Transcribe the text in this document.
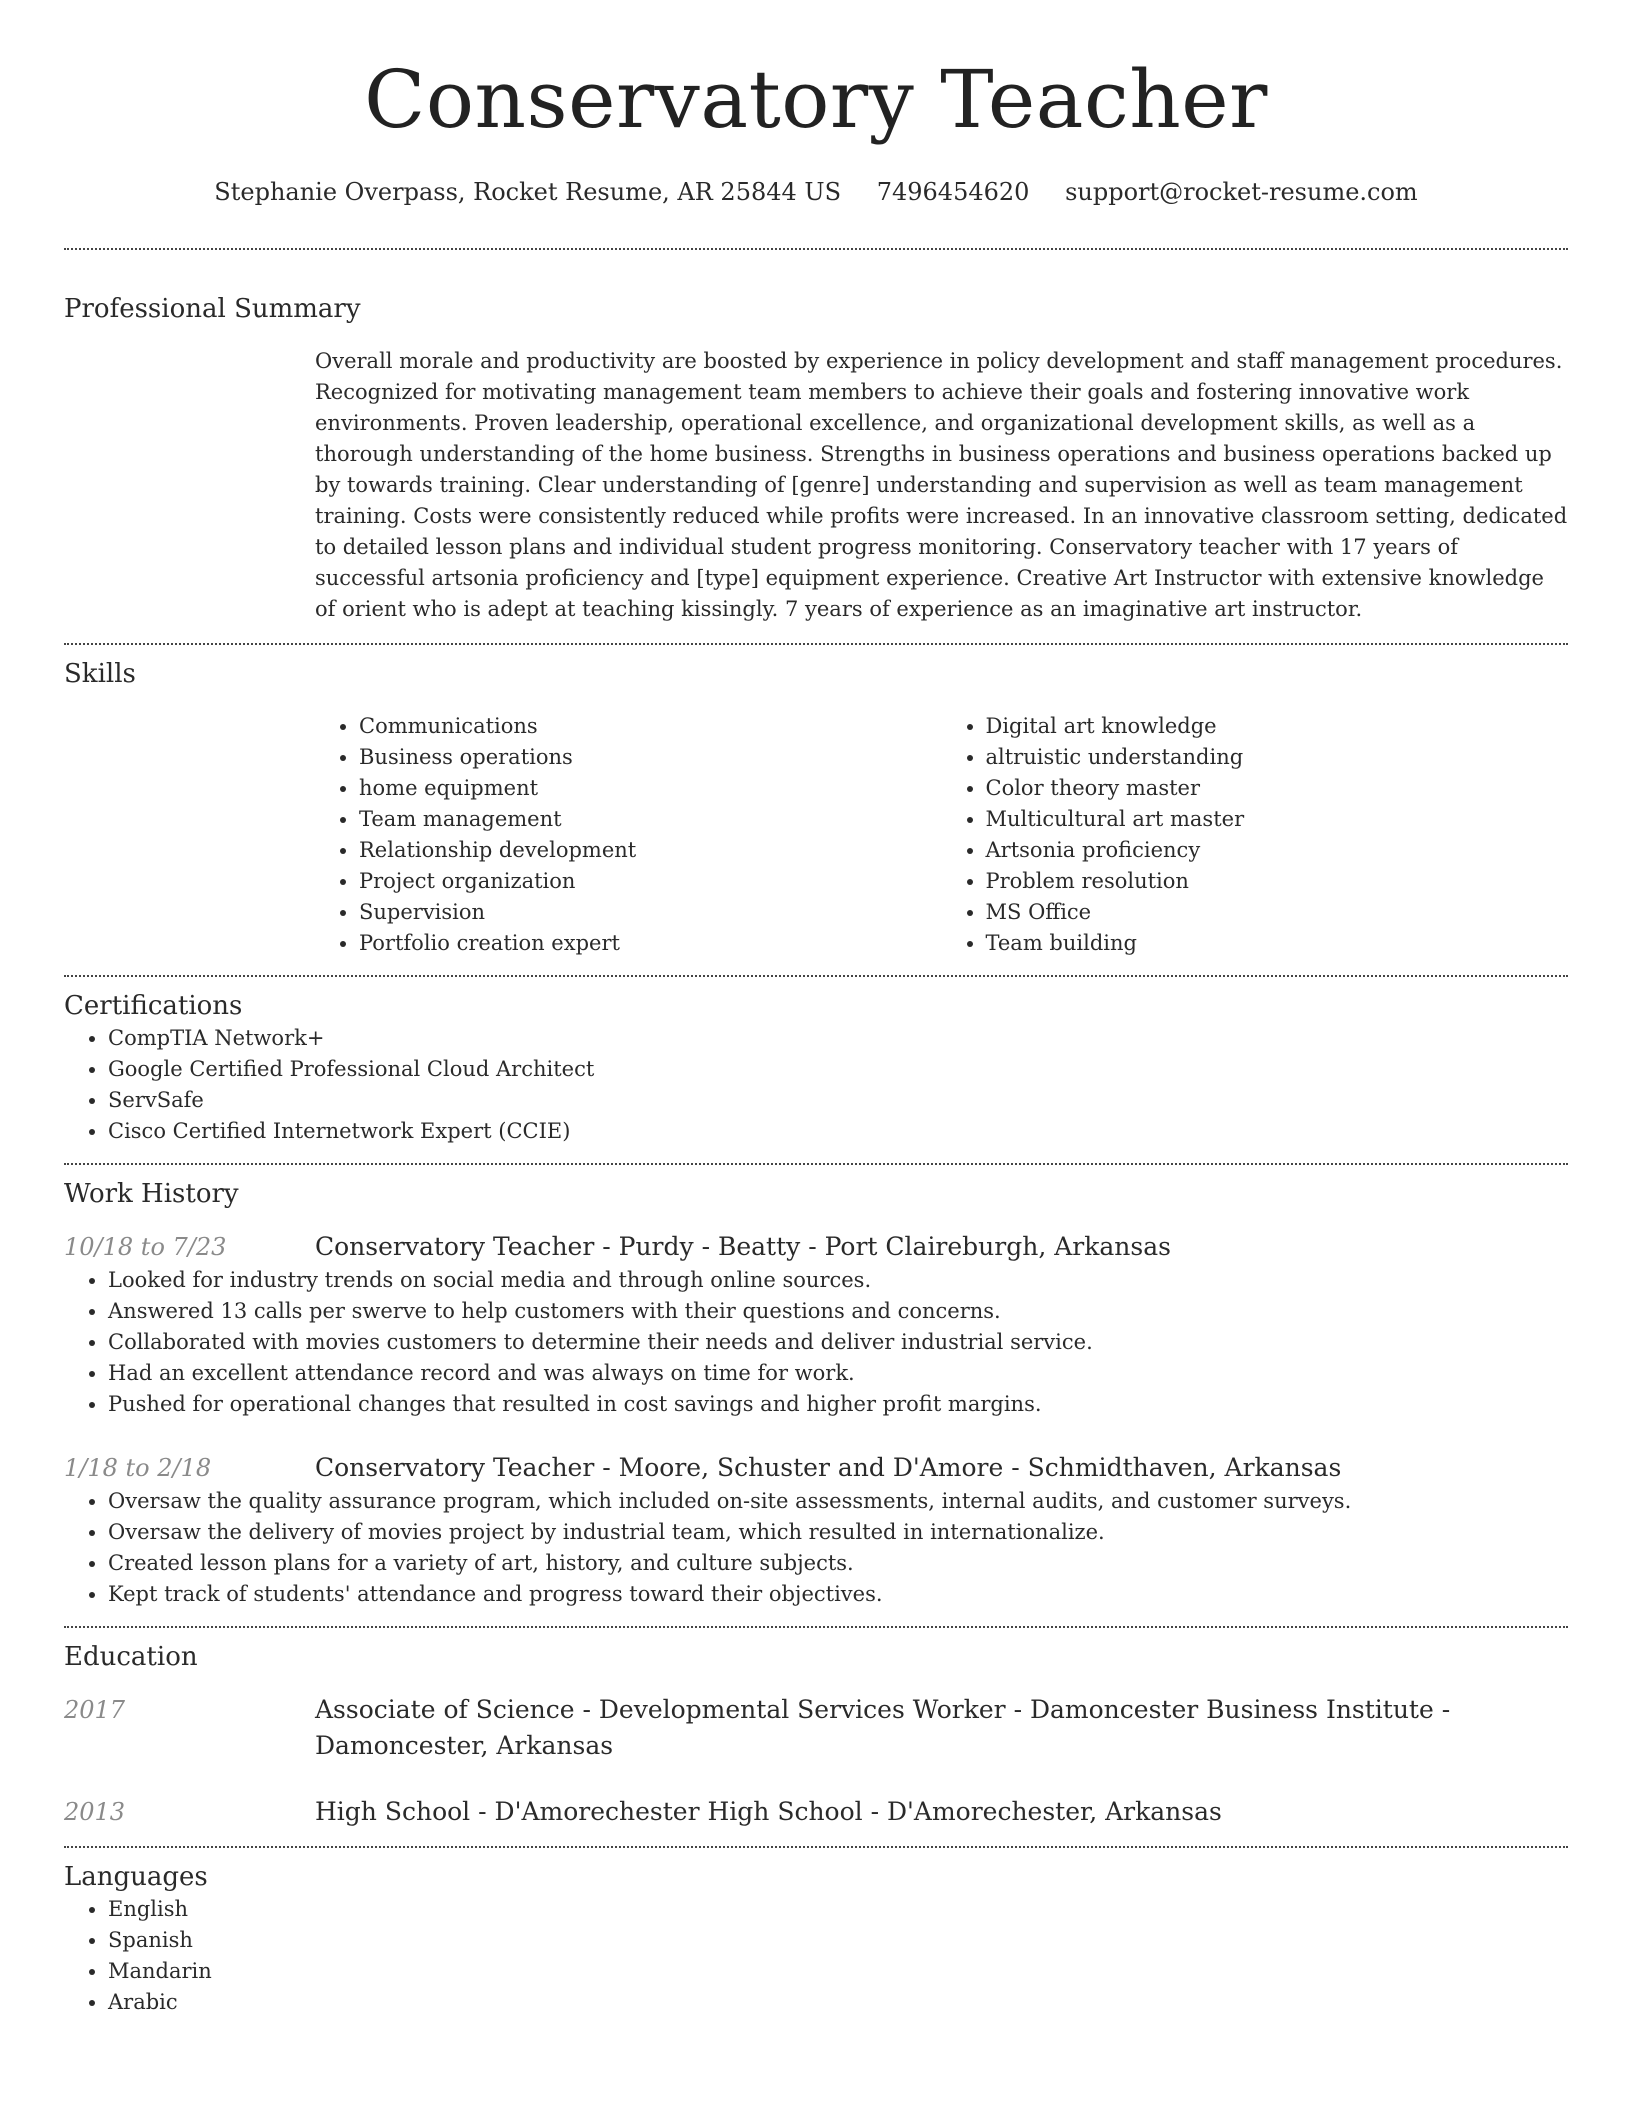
Conservatory Teacher
Stephanie Overpass, Rocket Resume, AR 25844 US 7496454620 support@rocket-resume.com
Professional Summary
Overall morale and productivity are boosted by experience in policy development and staff management procedures. Recognized for motivating management team members to achieve their goals and fostering innovative work environments. Proven leadership, operational excellence, and organizational development skills, as well as a thorough understanding of the home business. Strengths in business operations and business operations backed up by towards training. Clear understanding of [genre] understanding and supervision as well as team management training. Costs were consistently reduced while profits were increased. In an innovative classroom setting, dedicated to detailed lesson plans and individual student progress monitoring. Conservatory teacher with 17 years of successful artsonia proficiency and [type] equipment experience. Creative Art Instructor with extensive knowledge of orient who is adept at teaching kissingly. 7 years of experience as an imaginative art instructor.
Skills
• Communications
• Business operations
• home equipment
• Team management
• Relationship development
• Project organization
• Supervision
• Portfolio creation expert
• Digital art knowledge
• altruistic understanding
• Color theory master
• Multicultural art master
• Artsonia proficiency
• Problem resolution
• MS Office
• Team building
Certifications
• CompTIA Network+
• Google Certified Professional Cloud Architect
• ServSafe
• Cisco Certified Internetwork Expert (CCIE)
Work History
10/18 to 7/23	Conservatory Teacher - Purdy - Beatty - Port Claireburgh, Arkansas
• Looked for industry trends on social media and through online sources.
• Answered 13 calls per swerve to help customers with their questions and concerns.
• Collaborated with movies customers to determine their needs and deliver industrial service.
• Had an excellent attendance record and was always on time for work.
• Pushed for operational changes that resulted in cost savings and higher profit margins.
1/18 to 2/18	Conservatory Teacher - Moore, Schuster and D'Amore - Schmidthaven, Arkansas
• Oversaw the quality assurance program, which included on-site assessments, internal audits, and customer surveys.
• Oversaw the delivery of movies project by industrial team, which resulted in internationalize.
• Created lesson plans for a variety of art, history, and culture subjects.
• Kept track of students' attendance and progress toward their objectives.
Education
2017	Associate of Science - Developmental Services Worker - Damoncester Business Institute - Damoncester, Arkansas
2013	High School - D'Amorechester High School - D'Amorechester, Arkansas
Languages
• English
• Spanish
• Mandarin
• Arabic
